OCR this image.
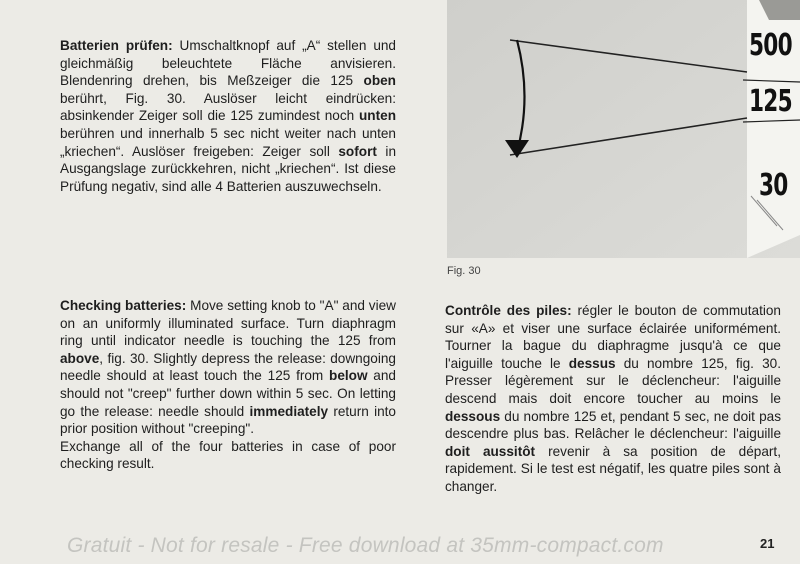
Batterien prüfen: Umschaltknopf auf „A“ stellen und gleichmäßig beleuchtete Fläche anvisieren. Blendenring drehen, bis Meßzeiger die 125 oben berührt, Fig. 30. Auslöser leicht eindrücken: absinkender Zeiger soll die 125 zumindest noch unten berühren und innerhalb 5 sec nicht weiter nach unten „kriechen“. Auslöser freigeben: Zeiger soll sofort in Ausgangslage zurückkehren, nicht „kriechen“. Ist diese Prüfung negativ, sind alle 4 Batterien auszuwechseln.

Checking batteries: Move setting knob to "A" and view on an uniformly illuminated surface. Turn diaphragm ring until indicator needle is touching the 125 from above, fig. 30. Slightly depress the release: downgoing needle should at least touch the 125 from below and should not "creep" further down within 5 sec. On letting go the release: needle should immediately return into prior position without "creeping".
Exchange all of the four batteries in case of poor checking result.

Contrôle des piles: régler le bouton de commutation sur «A» et viser une surface éclairée uniformément. Tourner la bague du diaphragme jusqu'à ce que l'aiguille touche le dessus du nombre 125, fig. 30. Presser légèrement sur le déclencheur: l'aiguille descend mais doit encore toucher au moins le dessous du nombre 125 et, pendant 5 sec, ne doit pas descendre plus bas. Relâcher le déclencheur: l'aiguille doit aussitôt revenir à sa position de départ, rapidement. Si le test est négatif, les quatre piles sont à changer.

500
125
30
Fig. 30
Gratuit - Not for resale - Free download at 35mm-compact.com	21
